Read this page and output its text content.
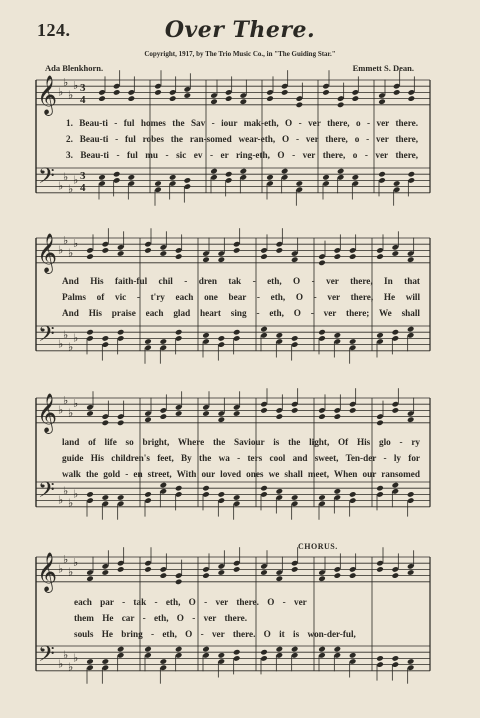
124.	Over There.
Copyright, 1917, by The Trio Music Co., in "The Guiding Star."
Ada Blenkhorn.	Emmett S. Dean.
CHORUS.
𝄞
𝄢
♭
♭
♭
♭
♭
♭
♭
♭
3
4
3
4
𝄞
𝄢
♭
♭
♭
♭
♭
♭
♭
♭
𝄞
𝄢
♭
♭
♭
♭
♭
♭
♭
♭
𝄞
𝄢
♭
♭
♭
♭
♭
♭
♭
♭
1. Beau-ti - ful homes the Sav - iour mak-eth, O - ver there, o - ver there.
2. Beau-ti - ful robes the ran-somed wear-eth, O - ver there, o - ver there,
3. Beau-ti - ful mu - sic ev - er ring-eth, O - ver there, o - ver there,
And His faith-ful chil - dren tak - eth, O - ver there, In that
Palms of vic - t'ry each one bear - eth, O - ver there, He will
And His praise each glad heart sing - eth, O - ver there; We shall
land of life so bright, Where the Saviour is the light, Of His glo - ry
guide His children's feet, By the wa - ters cool and sweet, Ten-der - ly for
walk the gold - en street, With our loved ones we shall meet, When our ransomed
each par - tak - eth, O - ver there. O - ver
them He car - eth, O - ver there.
souls He bring - eth, O - ver there. O it is won-der-ful,
